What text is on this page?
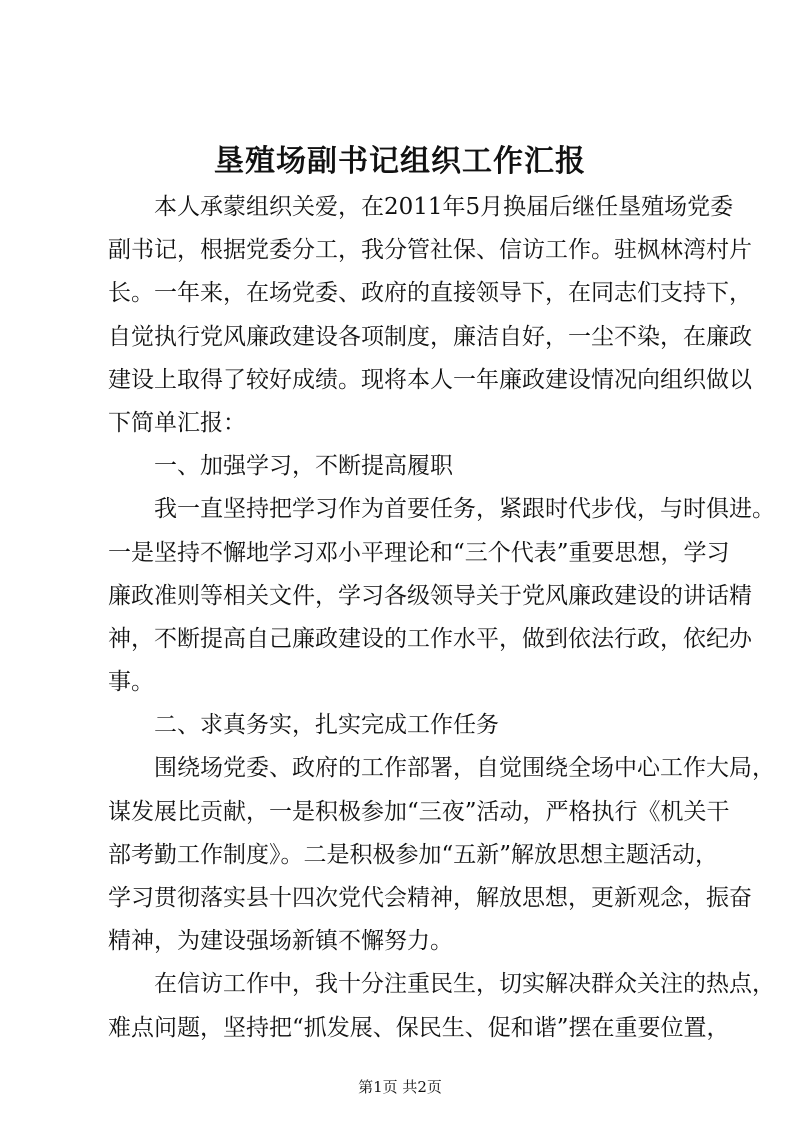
垦殖场副书记组织工作汇报
本人承蒙组织关爱，在2011年5月换届后继任垦殖场党委
副书记，根据党委分工，我分管社保、信访工作。驻枫林湾村片
长。一年来，在场党委、政府的直接领导下，在同志们支持下，
自觉执行党风廉政建设各项制度，廉洁自好，一尘不染，在廉政
建设上取得了较好成绩。现将本人一年廉政建设情况向组织做以
下简单汇报：
一、加强学习，不断提高履职
我一直坚持把学习作为首要任务，紧跟时代步伐，与时俱进。
一是坚持不懈地学习邓小平理论和“三个代表”重要思想，学习
廉政准则等相关文件，学习各级领导关于党风廉政建设的讲话精
神，不断提高自己廉政建设的工作水平，做到依法行政，依纪办
事。
二、求真务实，扎实完成工作任务
围绕场党委、政府的工作部署，自觉围绕全场中心工作大局，
谋发展比贡献，一是积极参加“三夜”活动，严格执行《机关干
部考勤工作制度》。二是积极参加“五新”解放思想主题活动，
学习贯彻落实县十四次党代会精神，解放思想，更新观念，振奋
精神，为建设强场新镇不懈努力。
在信访工作中，我十分注重民生，切实解决群众关注的热点，
难点问题，坚持把“抓发展、保民生、促和谐”摆在重要位置，
第1页 共2页
